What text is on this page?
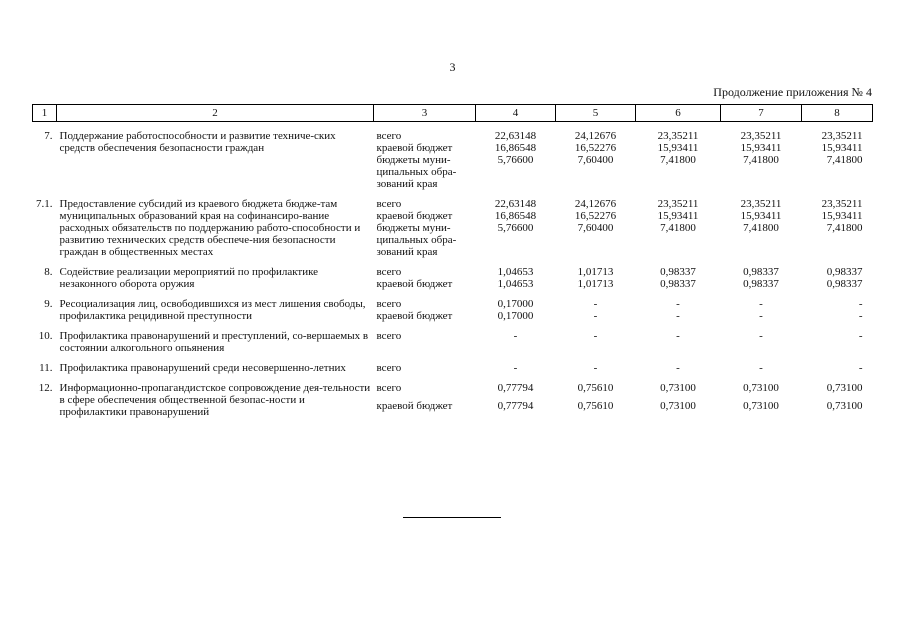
3
Продолжение приложения № 4
1	2	3	4	5	6	7	8

7.	Поддержание работоспособности и развитие техниче-ских средств обеспечения безопасности граждан	всего	22,63148	24,12676	23,35211	23,35211	23,35211
		краевой бюджет	16,86548	16,52276	15,93411	15,93411	15,93411
		бюджеты муни-ципальных обра-зований края	5,76600	7,60400	7,41800	7,41800	7,41800

7.1.	Предоставление субсидий из краевого бюджета бюдже-там муниципальных образований края на софинансиро-вание расходных обязательств по поддержанию работо-способности и развитию технических средств обеспече-ния безопасности граждан в общественных местах	всего	22,63148	24,12676	23,35211	23,35211	23,35211
		краевой бюджет	16,86548	16,52276	15,93411	15,93411	15,93411
		бюджеты муни-ципальных обра-зований края	5,76600	7,60400	7,41800	7,41800	7,41800

8.	Содействие реализации мероприятий по профилактике незаконного оборота оружия	всего	1,04653	1,01713	0,98337	0,98337	0,98337
		краевой бюджет	1,04653	1,01713	0,98337	0,98337	0,98337

9.	Ресоциализация лиц, освободившихся из мест лишения свободы, профилактика рецидивной преступности	всего	0,17000	-	-	-	-
		краевой бюджет	0,17000	-	-	-	-

10.	Профилактика правонарушений и преступлений, со-вершаемых в состоянии алкогольного опьянения	всего	-	-	-	-	-

11.	Профилактика правонарушений среди несовершенно-летних	всего	-	-	-	-	-

12.	Информационно-пропагандистское сопровождение дея-тельности в сфере обеспечения общественной безопас-ности и профилактики правонарушений	всего	0,77794	0,75610	0,73100	0,73100	0,73100
		краевой бюджет	0,77794	0,75610	0,73100	0,73100	0,73100
